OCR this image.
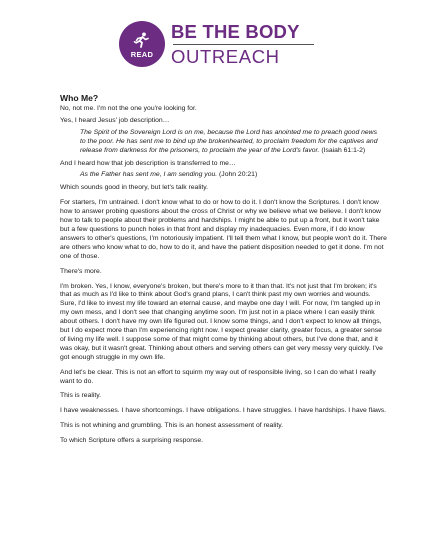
READ
BE THE BODY
OUTREACH
Who Me?

No, not me. I'm not the one you're looking for.

Yes, I heard Jesus' job description…

The Spirit of the Sovereign Lord is on me, because the Lord has anointed me to preach good news to the poor. He has sent me to bind up the brokenhearted, to proclaim freedom for the captives and release from darkness for the prisoners, to proclaim the year of the Lord's favor. (Isaiah 61:1-2)

And I heard how that job description is transferred to me…

As the Father has sent me, I am sending you. (John 20:21)

Which sounds good in theory, but let's talk reality.

For starters, I'm untrained. I don't know what to do or how to do it. I don't know the Scriptures. I don't know how to answer probing questions about the cross of Christ or why we believe what we believe. I don't know how to talk to people about their problems and hardships. I might be able to put up a front, but it won't take but a few questions to punch holes in that front and display my inadequacies. Even more, if I do know answers to other's questions, I'm notoriously impatient. I'll tell them what I know, but people won't do it. There are others who know what to do, how to do it, and have the patient disposition needed to get it done. I'm not one of those.

There's more.

I'm broken. Yes, I know, everyone's broken, but there's more to it than that. It's not just that I'm broken; it's that as much as I'd like to think about God's grand plans, I can't think past my own worries and wounds. Sure, I'd like to invest my life toward an eternal cause, and maybe one day I will. For now, I'm tangled up in my own mess, and I don't see that changing anytime soon. I'm just not in a place where I can easily think about others. I don't have my own life figured out. I know some things, and I don't expect to know all things, but I do expect more than I'm experiencing right now. I expect greater clarity, greater focus, a greater sense of living my life well. I suppose some of that might come by thinking about others, but I've done that, and it was okay, but it wasn't great. Thinking about others and serving others can get very messy very quickly. I've got enough struggle in my own life.

And let's be clear. This is not an effort to squirm my way out of responsible living, so I can do what I really want to do.

This is reality.

I have weaknesses. I have shortcomings. I have obligations. I have struggles. I have hardships. I have flaws.

This is not whining and grumbling. This is an honest assessment of reality.

To which Scripture offers a surprising response.
